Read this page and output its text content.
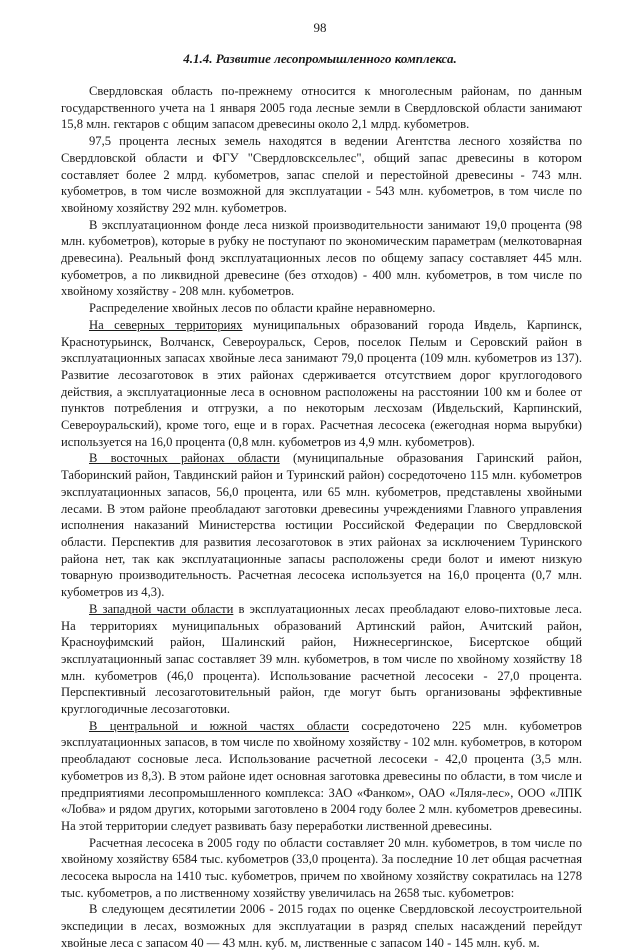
98
4.1.4. Развитие лесопромышленного комплекса.

Свердловская область по-прежнему относится к многолесным районам, по данным государственного учета на 1 января 2005 года лесные земли в Свердловской области занимают 15,8 млн. гектаров с общим запасом древесины около 2,1 млрд. кубометров.

97,5 процента лесных земель находятся в ведении Агентства лесного хозяйства по Свердловской области и ФГУ "Свердловсксельлес", общий запас древесины в котором составляет более 2 млрд. кубометров, запас спелой и перестойной древесины - 743 млн. кубометров, в том числе возможной для эксплуатации - 543 млн. кубометров, в том числе по хвойному хозяйству 292 млн. кубометров.

В эксплуатационном фонде леса низкой производительности занимают 19,0 процента (98 млн. кубометров), которые в рубку не поступают по экономическим параметрам (мелкотоварная древесина). Реальный фонд эксплуатационных лесов по общему запасу составляет 445 млн. кубометров, а по ликвидной древесине (без отходов) - 400 млн. кубометров, в том числе по хвойному хозяйству - 208 млн. кубометров.

Распределение хвойных лесов по области крайне неравномерно.

На северных территориях муниципальных образований города Ивдель, Карпинск, Краснотурьинск, Волчанск, Североуральск, Серов, поселок Пелым и Серовский район в эксплуатационных запасах хвойные леса занимают 79,0 процента (109 млн. кубометров из 137). Развитие лесозаготовок в этих районах сдерживается отсутствием дорог круглогодового действия, а эксплуатационные леса в основном расположены на расстоянии 100 км и более от пунктов потребления и отгрузки, а по некоторым лесхозам (Ивдельский, Карпинский, Североуральский), кроме того, еще и в горах. Расчетная лесосека (ежегодная норма вырубки) используется на 16,0 процента (0,8 млн. кубометров из 4,9 млн. кубометров).

В восточных районах области (муниципальные образования Гаринский район, Таборинский район, Тавдинский район и Туринский район) сосредоточено 115 млн. кубометров эксплуатационных запасов, 56,0 процента, или 65 млн. кубометров, представлены хвойными лесами. В этом районе преобладают заготовки древесины учреждениями Главного управления исполнения наказаний Министерства юстиции Российской Федерации по Свердловской области. Перспектив для развития лесозаготовок в этих районах за исключением Туринского района нет, так как эксплуатационные запасы расположены среди болот и имеют низкую товарную производительность. Расчетная лесосека используется на 16,0 процента (0,7 млн. кубометров из 4,3).

В западной части области в эксплуатационных лесах преобладают елово-пихтовые леса. На территориях муниципальных образований Артинский район, Ачитский район, Красноуфимский район, Шалинский район, Нижнесергинское, Бисертское общий эксплуатационный запас составляет 39 млн. кубометров, в том числе по хвойному хозяйству 18 млн. кубометров (46,0 процента). Использование расчетной лесосеки - 27,0 процента. Перспективный лесозаготовительный район, где могут быть организованы эффективные круглогодичные лесозаготовки.

В центральной и южной частях области сосредоточено 225 млн. кубометров эксплуатационных запасов, в том числе по хвойному хозяйству - 102 млн. кубометров, в котором преобладают сосновые леса. Использование расчетной лесосеки - 42,0 процента (3,5 млн. кубометров из 8,3). В этом районе идет основная заготовка древесины по области, в том числе и предприятиями лесопромышленного комплекса: ЗАО «Фанком», ОАО «Ляля-лес», ООО «ЛПК «Лобва» и рядом других, которыми заготовлено в 2004 году более 2 млн. кубометров древесины. На этой территории следует развивать базу переработки лиственной древесины.

Расчетная лесосека в 2005 году по области составляет 20 млн. кубометров, в том числе по хвойному хозяйству 6584 тыс. кубометров (33,0 процента). За последние 10 лет общая расчетная лесосека выросла на 1410 тыс. кубометров, причем по хвойному хозяйству сократилась на 1278 тыс. кубометров, а по лиственному хозяйству увеличилась на 2658 тыс. кубометров:

В следующем десятилетии 2006 - 2015 годах по оценке Свердловской лесоустроительной экспедиции в лесах, возможных для эксплуатации в разряд спелых насаждений перейдут хвойные леса с запасом 40 — 43 млн. куб. м, лиственные с запасом 140 - 145 млн. куб. м.
